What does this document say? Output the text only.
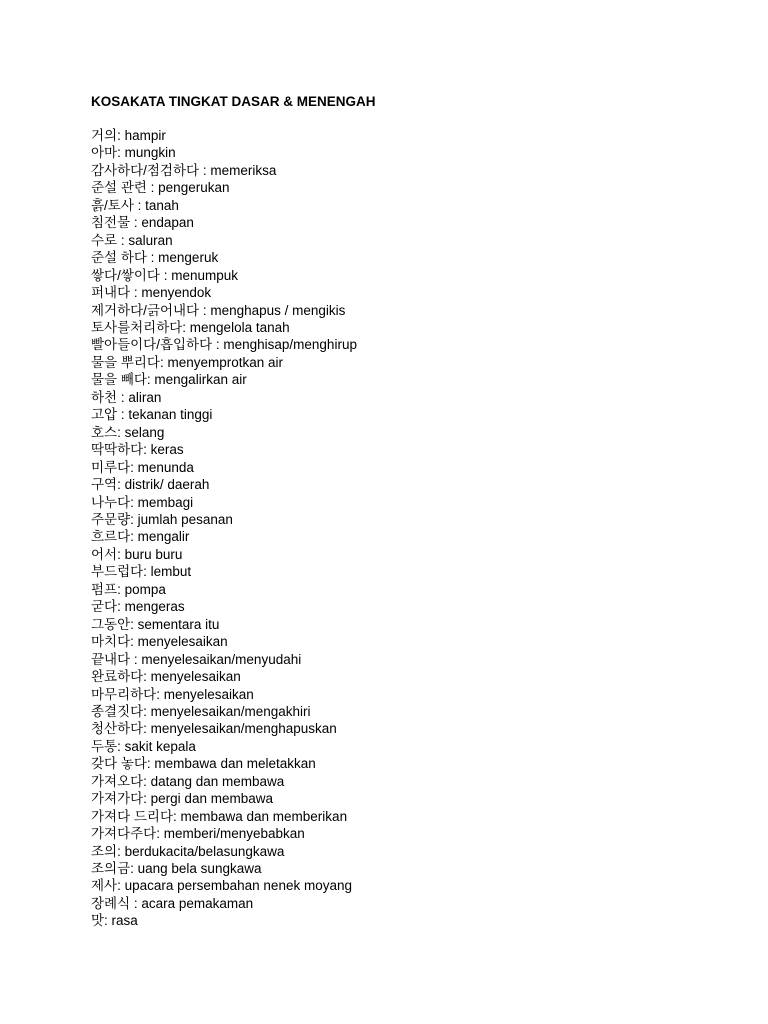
KOSAKATA TINGKAT DASAR & MENENGAH
거의: hampir
아마: mungkin
감사하다/점검하다 : memeriksa
준설 관련 : pengerukan
흙/토사 : tanah
침전물 : endapan
수로 : saluran
준설 하다 : mengeruk
쌓다/쌓이다 : menumpuk
퍼내다 : menyendok
제거하다/긁어내다 : menghapus / mengikis
토사를처리하다: mengelola tanah
빨아들이다/흡입하다 : menghisap/menghirup
물을 뿌리다: menyemprotkan air
물을 빼다: mengalirkan air
하천 : aliran
고압 : tekanan tinggi
호스: selang
딱딱하다: keras
미루다: menunda
구역: distrik/ daerah
나누다: membagi
주문량: jumlah pesanan
흐르다: mengalir
어서: buru buru
부드럽다: lembut
펌프: pompa
굳다: mengeras
그동안: sementara itu
마치다: menyelesaikan
끝내다 : menyelesaikan/menyudahi
완료하다: menyelesaikan
마무리하다: menyelesaikan
종결짓다: menyelesaikan/mengakhiri
청산하다: menyelesaikan/menghapuskan
두통: sakit kepala
갖다 놓다: membawa dan meletakkan
가져오다: datang dan membawa
가져가다: pergi dan membawa
가져다 드리다: membawa dan memberikan
가져다주다: memberi/menyebabkan
조의: berdukacita/belasungkawa
조의금: uang bela sungkawa
제사: upacara persembahan nenek moyang
장례식 : acara pemakaman
맛: rasa
